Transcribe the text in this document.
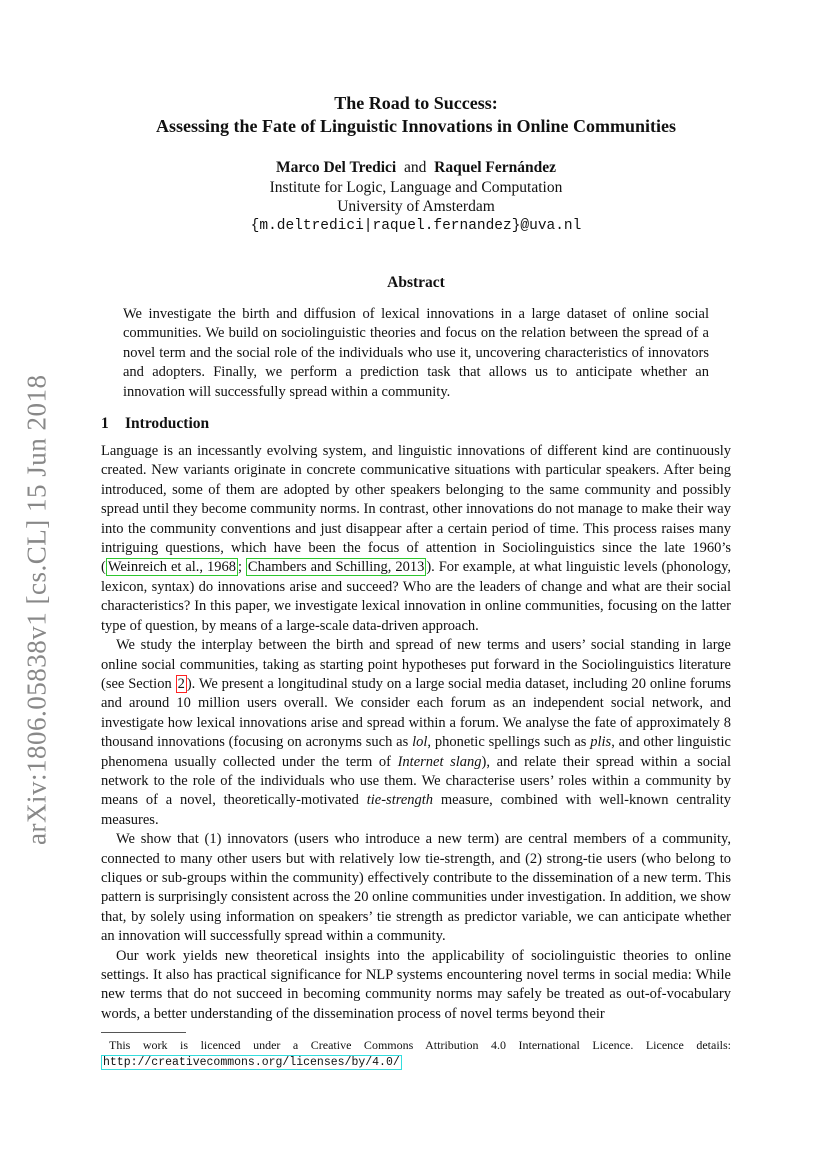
arXiv:1806.05838v1 [cs.CL] 15 Jun 2018
The Road to Success:
Assessing the Fate of Linguistic Innovations in Online Communities
Marco Del Tredici and Raquel Fernández
Institute for Logic, Language and Computation
University of Amsterdam
{m.deltredici|raquel.fernandez}@uva.nl
Abstract
We investigate the birth and diffusion of lexical innovations in a large dataset of online social communities. We build on sociolinguistic theories and focus on the relation between the spread of a novel term and the social role of the individuals who use it, uncovering characteristics of innovators and adopters. Finally, we perform a prediction task that allows us to anticipate whether an innovation will successfully spread within a community.
1 Introduction

Language is an incessantly evolving system, and linguistic innovations of different kind are continuously created. New variants originate in concrete communicative situations with particular speakers. After being introduced, some of them are adopted by other speakers belonging to the same community and possibly spread until they become community norms. In contrast, other innovations do not manage to make their way into the community conventions and just disappear after a certain period of time. This process raises many intriguing questions, which have been the focus of attention in Sociolinguistics since the late 1960’s ( Weinreich et al., 1968 ; Chambers and Schilling, 2013 ). For example, at what linguistic levels (phonology, lexicon, syntax) do innovations arise and succeed? Who are the leaders of change and what are their social characteristics? In this paper, we investigate lexical innovation in online communities, focusing on the latter type of question, by means of a large-scale data-driven approach.

We study the interplay between the birth and spread of new terms and users’ social standing in large online social communities, taking as starting point hypotheses put forward in the Sociolinguistics literature (see Section 2 ). We present a longitudinal study on a large social media dataset, including 20 online forums and around 10 million users overall. We consider each forum as an independent social network, and investigate how lexical innovations arise and spread within a forum. We analyse the fate of approximately 8 thousand innovations (focusing on acronyms such as lol, phonetic spellings such as plis, and other linguistic phenomena usually collected under the term of Internet slang), and relate their spread within a social network to the role of the individuals who use them. We characterise users’ roles within a community by means of a novel, theoretically-motivated tie-strength measure, combined with well-known centrality measures.

We show that (1) innovators (users who introduce a new term) are central members of a community, connected to many other users but with relatively low tie-strength, and (2) strong-tie users (who belong to cliques or sub-groups within the community) effectively contribute to the dissemination of a new term. This pattern is surprisingly consistent across the 20 online communities under investigation. In addition, we show that, by solely using information on speakers’ tie strength as predictor variable, we can anticipate whether an innovation will successfully spread within a community.

Our work yields new theoretical insights into the applicability of sociolinguistic theories to online settings. It also has practical significance for NLP systems encountering novel terms in social media: While new terms that do not succeed in becoming community norms may safely be treated as out-of-vocabulary words, a better understanding of the dissemination process of novel terms beyond their

This work is licenced under a Creative Commons Attribution 4.0 International Licence. Licence details: http://creativecommons.org/licenses/by/4.0/
